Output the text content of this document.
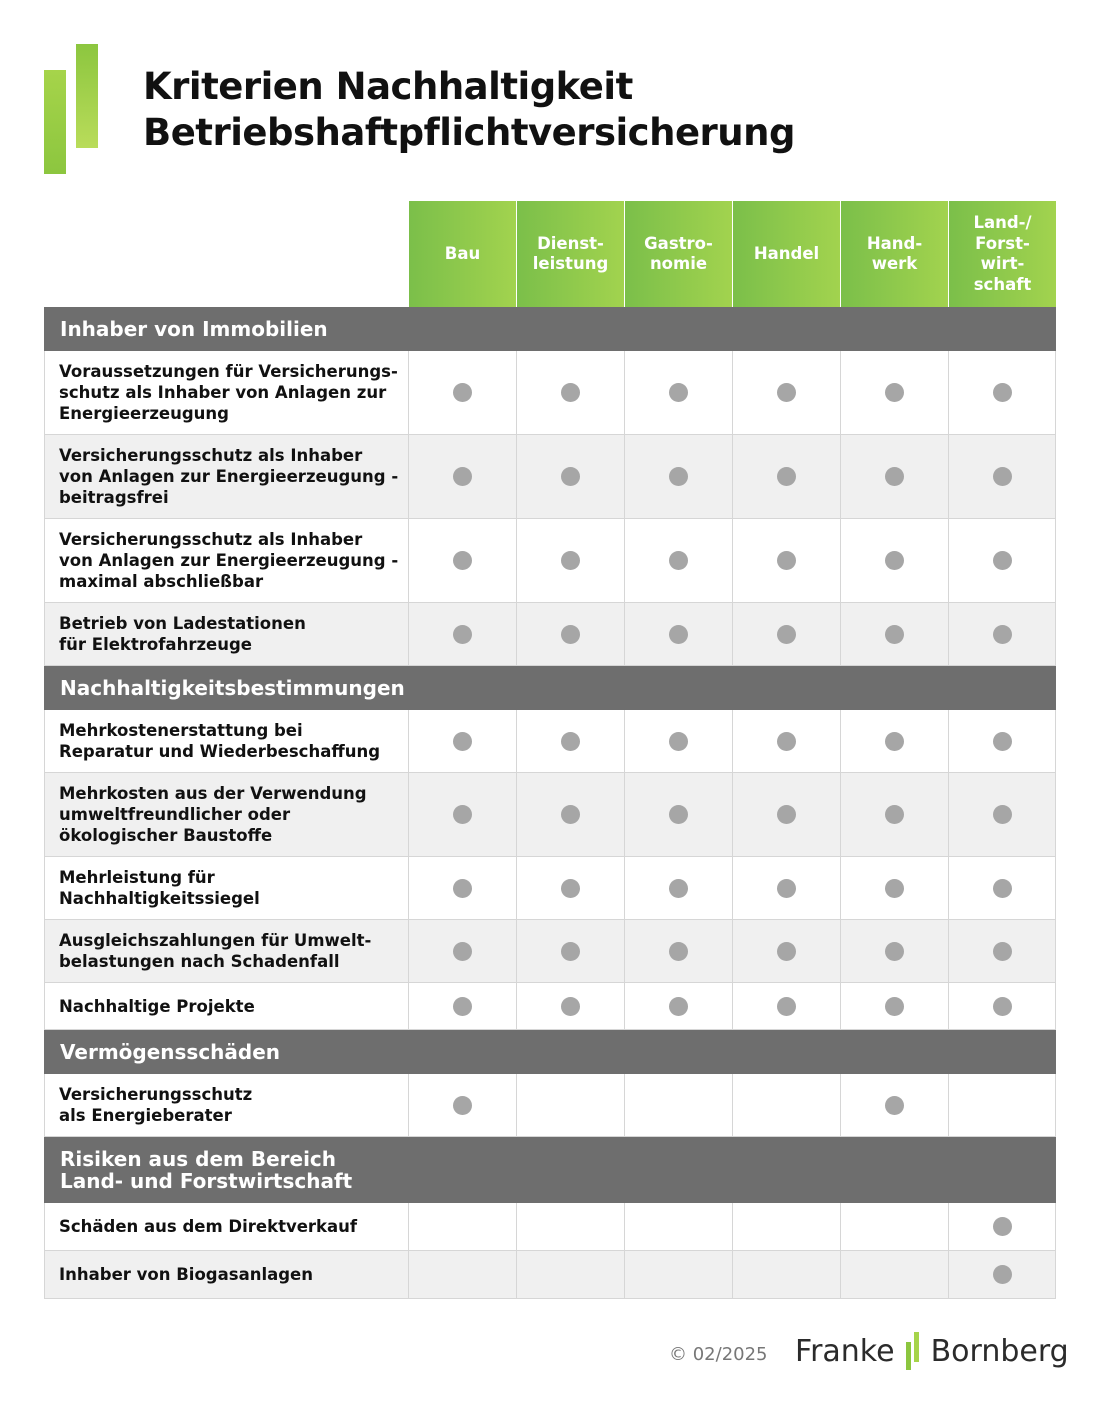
Kriterien Nachhaltigkeit
Betriebshaftpflichtversicherung
Bau
Dienst-
leistung
Gastro-
nomie
Handel
Hand-
werk
Land-/
Forst-
wirt-
schaft
Inhaber von Immobilien
Voraussetzungen für Versicherungs-
schutz als Inhaber von Anlagen zur
Energieerzeugung
Versicherungsschutz als Inhaber
von Anlagen zur Energieerzeugung -
beitragsfrei
Versicherungsschutz als Inhaber
von Anlagen zur Energieerzeugung -
maximal abschließbar
Betrieb von Ladestationen
für Elektrofahrzeuge
Nachhaltigkeitsbestimmungen
Mehrkostenerstattung bei
Reparatur und Wiederbeschaffung
Mehrkosten aus der Verwendung
umweltfreundlicher oder
ökologischer Baustoffe
Mehrleistung für
Nachhaltigkeitssiegel
Ausgleichszahlungen für Umwelt-
belastungen nach Schadenfall
Nachhaltige Projekte
Vermögensschäden
Versicherungsschutz
als Energieberater
Risiken aus dem Bereich
Land- und Forstwirtschaft
Schäden aus dem Direktverkauf
Inhaber von Biogasanlagen
© 02/2025 Franke Bornberg
